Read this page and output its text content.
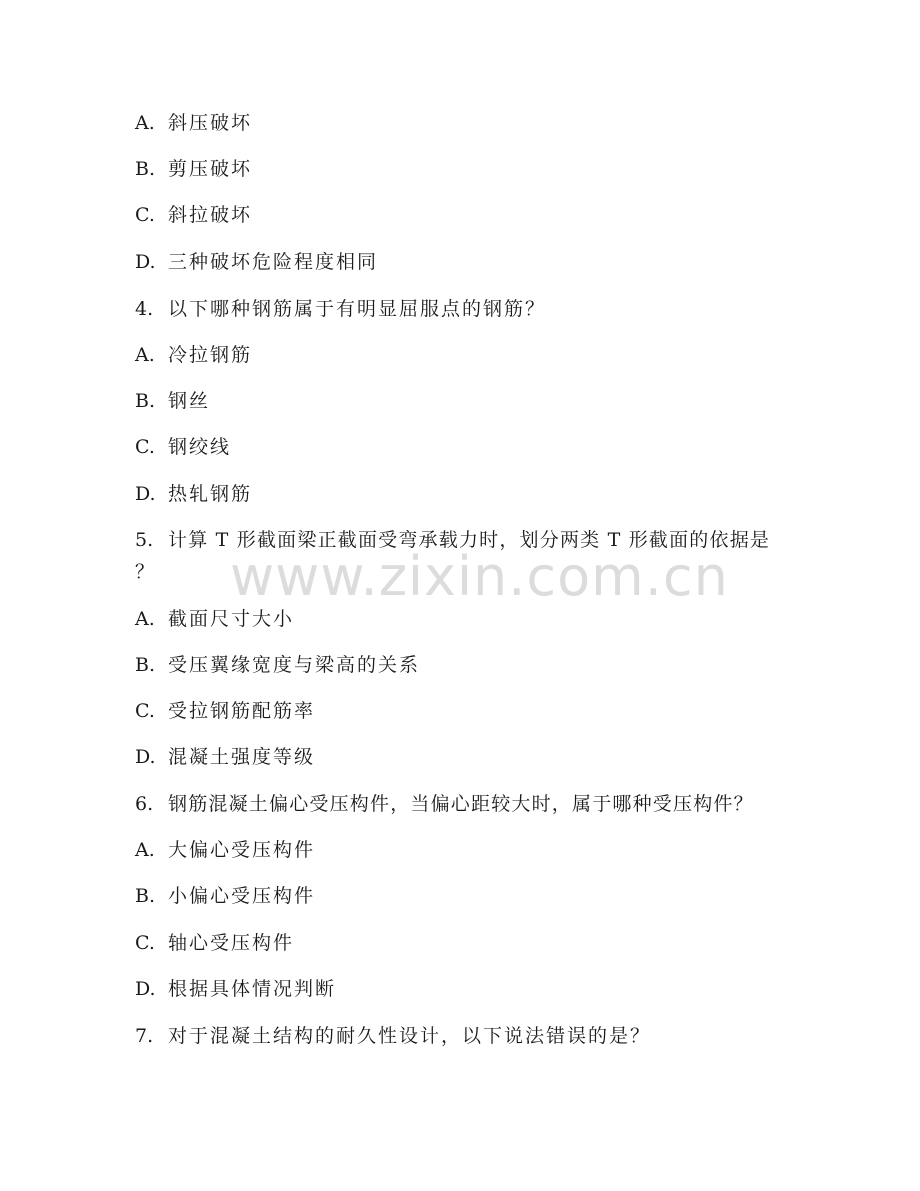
A. 斜压破坏
B. 剪压破坏
C. 斜拉破坏
D. 三种破坏危险程度相同
4. 以下哪种钢筋属于有明显屈服点的钢筋？
A. 冷拉钢筋
B. 钢丝
C. 钢绞线
D. 热轧钢筋
5. 计算 T 形截面梁正截面受弯承载力时，划分两类 T 形截面的依据是
？
A. 截面尺寸大小
B. 受压翼缘宽度与梁高的关系
C. 受拉钢筋配筋率
D. 混凝土强度等级
6. 钢筋混凝土偏心受压构件，当偏心距较大时，属于哪种受压构件？
A. 大偏心受压构件
B. 小偏心受压构件
C. 轴心受压构件
D. 根据具体情况判断
7. 对于混凝土结构的耐久性设计，以下说法错误的是？
www.zixin.com.cn
